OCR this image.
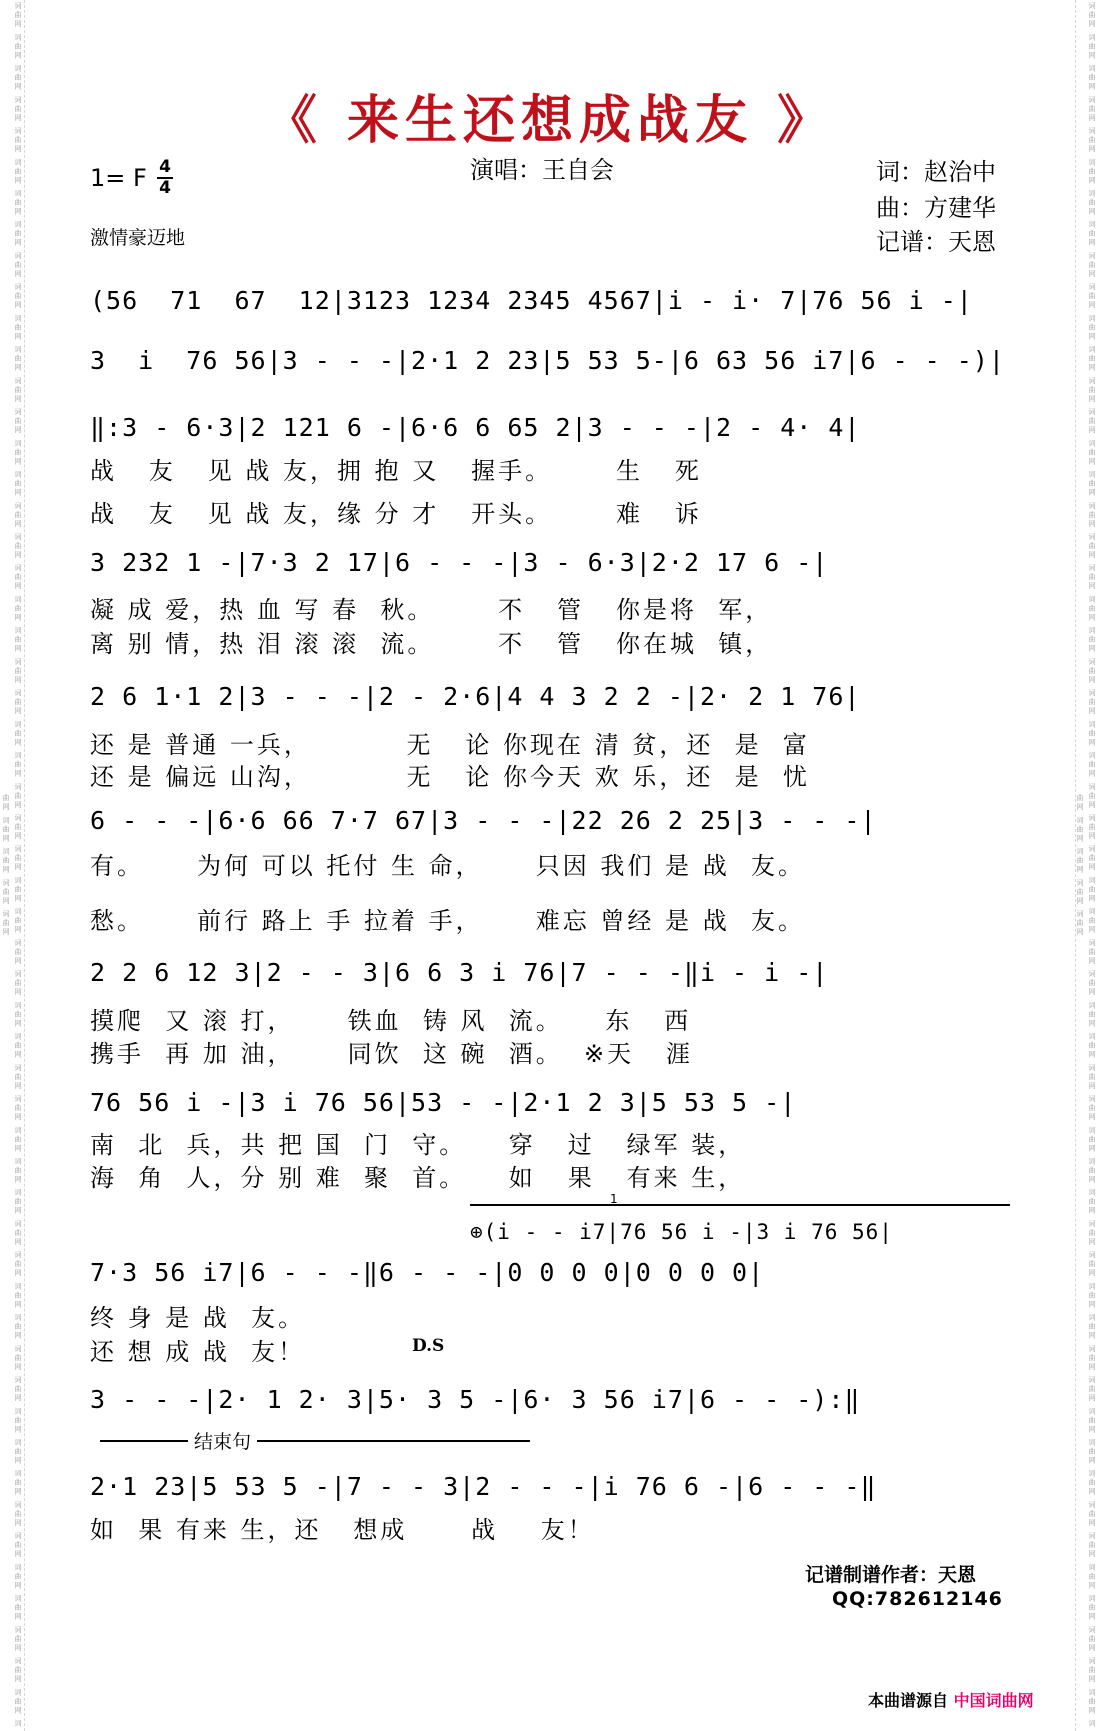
词曲网 词曲网 词曲网 词曲网 词曲网 词曲网 词曲网 词曲网 词曲网 词曲网 词曲网 词曲网 词曲网 词曲网 词曲网 词曲网 词曲网 词曲网 词曲网 词曲网 词曲网 词曲网 词曲网 词曲网 词曲网 词曲网 词曲网 词曲网 词曲网 词曲网 词曲网 词曲网 词曲网 词曲网 词曲网 词曲网 词曲网 词曲网 词曲网 词曲网 词曲网 词曲网 词曲网 词曲网 词曲网 词曲网 词曲网 词曲网 词曲网 词曲网 词曲网 词曲网 词曲网 词曲网 词曲网 词曲网 词曲网 词曲网 词曲网 词曲网	词曲网 词曲网 词曲网 词曲网 词曲网 词曲网 词曲网 词曲网 词曲网 词曲网 词曲网 词曲网 词曲网 词曲网 词曲网 词曲网 词曲网 词曲网 词曲网 词曲网 词曲网 词曲网 词曲网 词曲网 词曲网 词曲网 词曲网 词曲网 词曲网 词曲网 词曲网 词曲网 词曲网 词曲网 词曲网 词曲网 词曲网 词曲网 词曲网 词曲网 词曲网 词曲网 词曲网 词曲网 词曲网 词曲网 词曲网 词曲网 词曲网 词曲网 词曲网 词曲网 词曲网 词曲网 词曲网 词曲网 词曲网 词曲网 词曲网 词曲网
《 来生还想成战友 》
1= F 4
4
激情豪迈地
演唱：王自会	词：赵治中
曲：方建华
记谱：天恩
(56  71  67  12|3123 1234 2345 4567|i - i· 7|76 56 i -|
3  i  76 56|3 - - -|2·1 2 23|5 53 5-|6 63 56 i7|6 - - -)|
‖:3 - 6·3|2 121 6 -|6·6 6 65 2|3 - - -|2 - 4· 4|
战   友   见 战 友，拥 抱 又   握手。      生   死
战   友   见 战 友，缘 分 才   开头。      难   诉
3 232 1 -|7·3 2 17|6 - - -|3 - 6·3|2·2 17 6 -|
凝 成 爱，热 血 写 春  秋。      不   管   你是将  军，
离 别 情，热 泪 滚 滚  流。      不   管   你在城  镇，
2 6 1·1 2|3 - - -|2 - 2·6|4 4 3 2 2 -|2· 2 1 76|
还 是 普通 一兵，         无   论 你现在 清 贫，还  是  富
还 是 偏远 山沟，         无   论 你今天 欢 乐，还  是  忧
6 - - -|6·6 66 7·7 67|3 - - -|22 26 2 25|3 - - -|
有。     为何 可以 托付 生 命，     只因 我们 是 战  友。
愁。     前行 路上 手 拉着 手，     难忘 曾经 是 战  友。
2 2 6 12 3|2 - - 3|6 6 3 i 76|7 - - -‖i - i -|
摸爬  又 滚 打，     铁血  铸 风  流。    东   西
携手  再 加 油，     同饮  这 碗  酒。  ※天   涯
76 56 i -|3 i 76 56|53 - -|2·1 2 3|5 53 5 -|
南  北  兵，共 把 国  门  守。    穿   过   绿军 装，
海  角  人，分 别 难  聚  首。    如   果   有来 生，
1
⊕(i - - i7|76 56 i -|3 i 76 56|
7·3 56 i7|6 - - -‖6 - - -|0 0 0 0|0 0 0 0|
终 身 是 战  友。
还 想 成 战  友！	D.S
3 - - -|2· 1 2· 3|5· 3 5 -|6· 3 56 i7|6 - - -):‖
结束句
2·1 23|5 53 5 -|7 - - 3|2 - - -|i 76 6 -|6 - - -‖
如  果 有来 生，还   想成      战    友！
记谱制谱作者：天恩
QQ:782612146
本曲谱源自 中国词曲网
